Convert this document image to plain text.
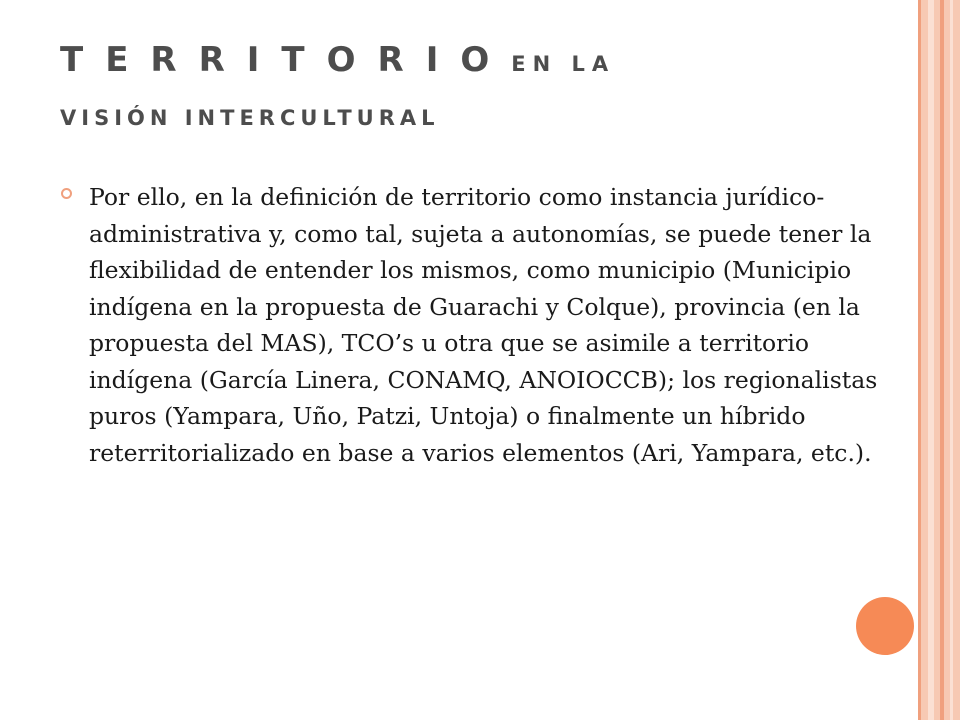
TERRITORIOEN LA
VISIÓN INTERCULTURAL
Por ello, en la definición de territorio como instancia jurídico-administrativa y, como tal, sujeta a autonomías, se puede tener la flexibilidad de entender los mismos, como municipio (Municipio indígena en la propuesta de Guarachi y Colque), provincia (en la propuesta del MAS), TCO’s u otra que se asimile a territorio indígena (García Linera, CONAMQ, ANOIOCCB); los regionalistas puros (Yampara, Uño, Patzi, Untoja) o finalmente un híbrido reterritorializado en base a varios elementos (Ari, Yampara, etc.).
